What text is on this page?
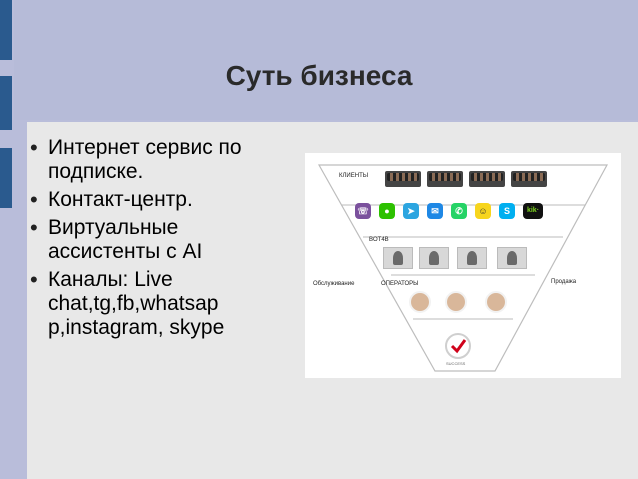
Суть бизнеса
• Интернет сервис по подписке.
• Контакт-центр.
• Виртуальные ассистенты с AI
• Каналы: Live chat,tg,fb,whatsap p,instagram, skype
КЛИЕНТЫ
☏	●	➤	✉	✆	☺	S	kik·
BOT4B
Обслуживание	ОПЕРАТОРЫ	Продажа
SUCCESS
